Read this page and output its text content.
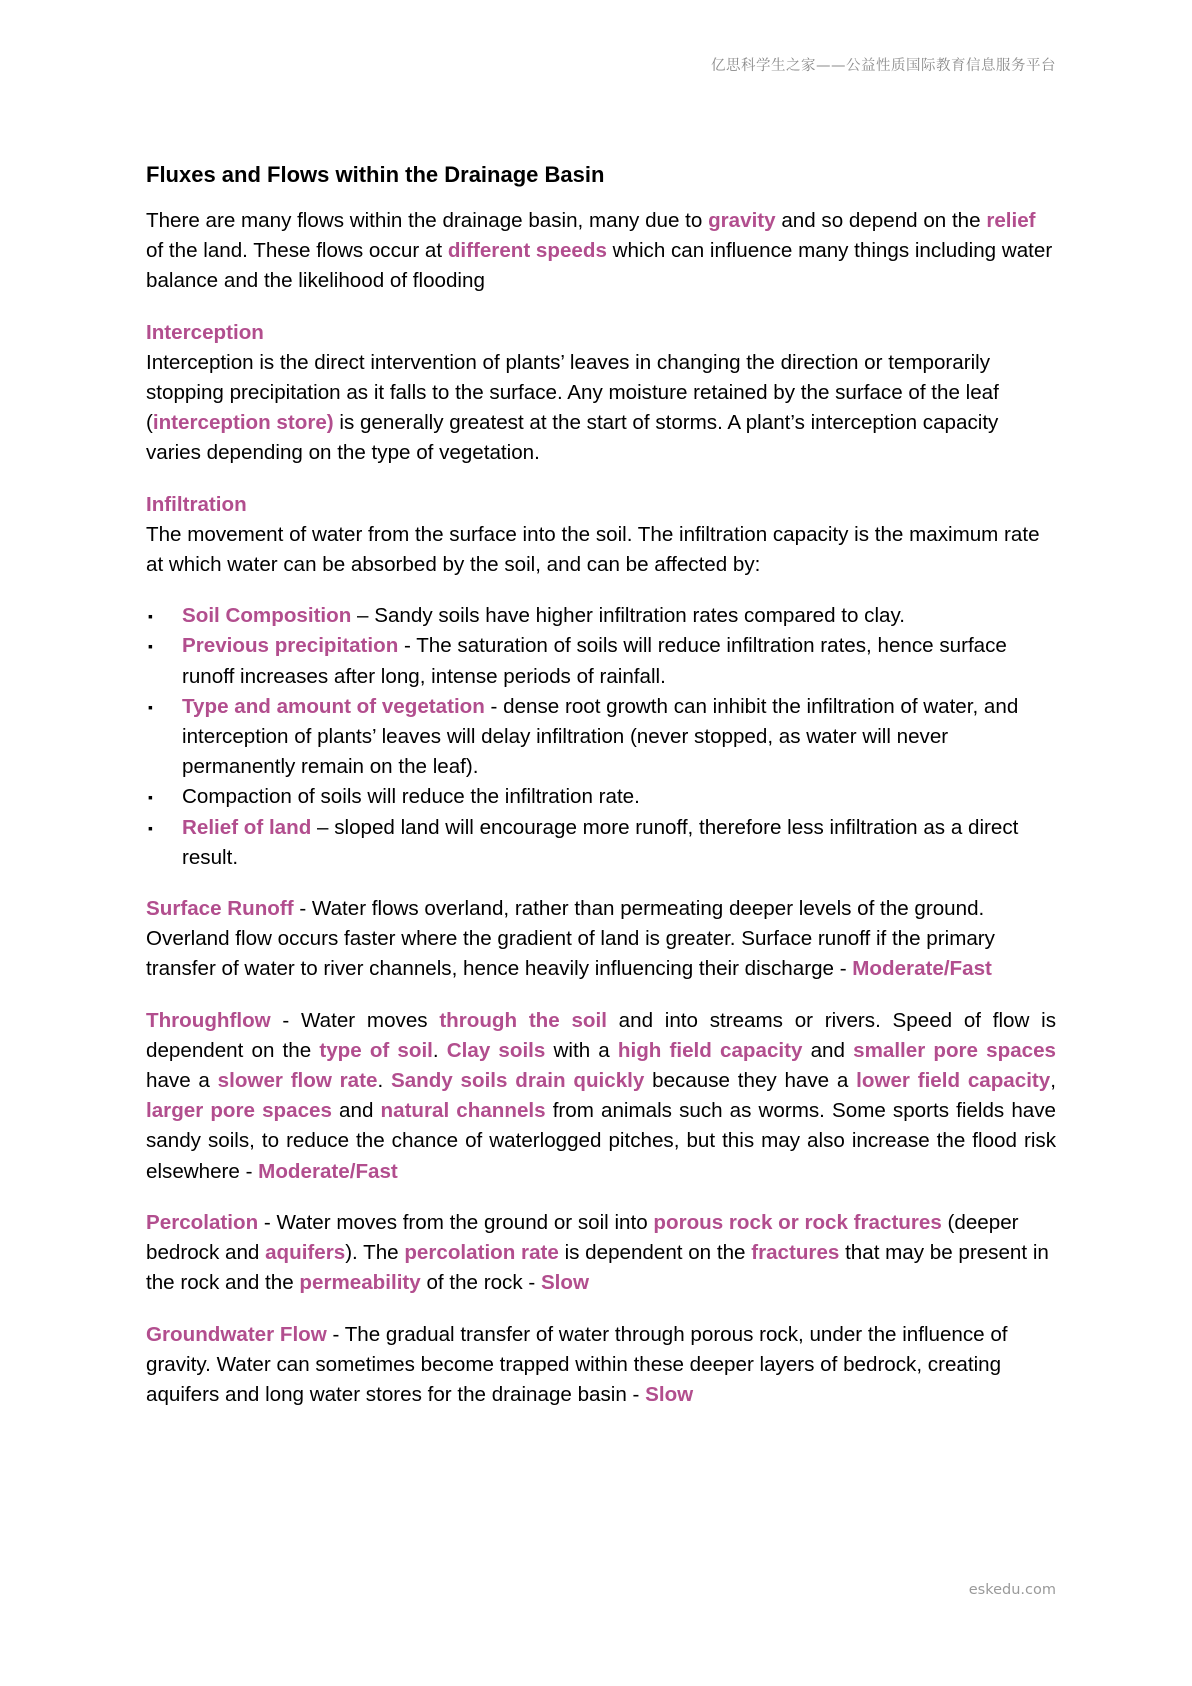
亿思科学生之家——公益性质国际教育信息服务平台
Fluxes and Flows within the Drainage Basin

There are many flows within the drainage basin, many due to gravity and so depend on the relief of the land. These flows occur at different speeds which can influence many things including water balance and the likelihood of flooding

Interception
Interception is the direct intervention of plants’ leaves in changing the direction or temporarily stopping precipitation as it falls to the surface. Any moisture retained by the surface of the leaf (interception store) is generally greatest at the start of storms. A plant’s interception capacity varies depending on the type of vegetation.

Infiltration
The movement of water from the surface into the soil. The infiltration capacity is the maximum rate at which water can be absorbed by the soil, and can be affected by:

▪ Soil Composition – Sandy soils have higher infiltration rates compared to clay.
▪ Previous precipitation - The saturation of soils will reduce infiltration rates, hence surface runoff increases after long, intense periods of rainfall.
▪ Type and amount of vegetation - dense root growth can inhibit the infiltration of water, and interception of plants’ leaves will delay infiltration (never stopped, as water will never permanently remain on the leaf).
▪ Compaction of soils will reduce the infiltration rate.
▪ Relief of land – sloped land will encourage more runoff, therefore less infiltration as a direct result.

Surface Runoff - Water flows overland, rather than permeating deeper levels of the ground. Overland flow occurs faster where the gradient of land is greater. Surface runoff if the primary transfer of water to river channels, hence heavily influencing their discharge - Moderate/Fast

Throughflow - Water moves through the soil and into streams or rivers. Speed of flow is dependent on the type of soil. Clay soils with a high field capacity and smaller pore spaces have a slower flow rate. Sandy soils drain quickly because they have a lower field capacity, larger pore spaces and natural channels from animals such as worms. Some sports fields have sandy soils, to reduce the chance of waterlogged pitches, but this may also increase the flood risk elsewhere - Moderate/Fast

Percolation - Water moves from the ground or soil into porous rock or rock fractures (deeper bedrock and aquifers). The percolation rate is dependent on the fractures that may be present in the rock and the permeability of the rock - Slow

Groundwater Flow - The gradual transfer of water through porous rock, under the influence of gravity. Water can sometimes become trapped within these deeper layers of bedrock, creating aquifers and long water stores for the drainage basin - Slow

eskedu.com
